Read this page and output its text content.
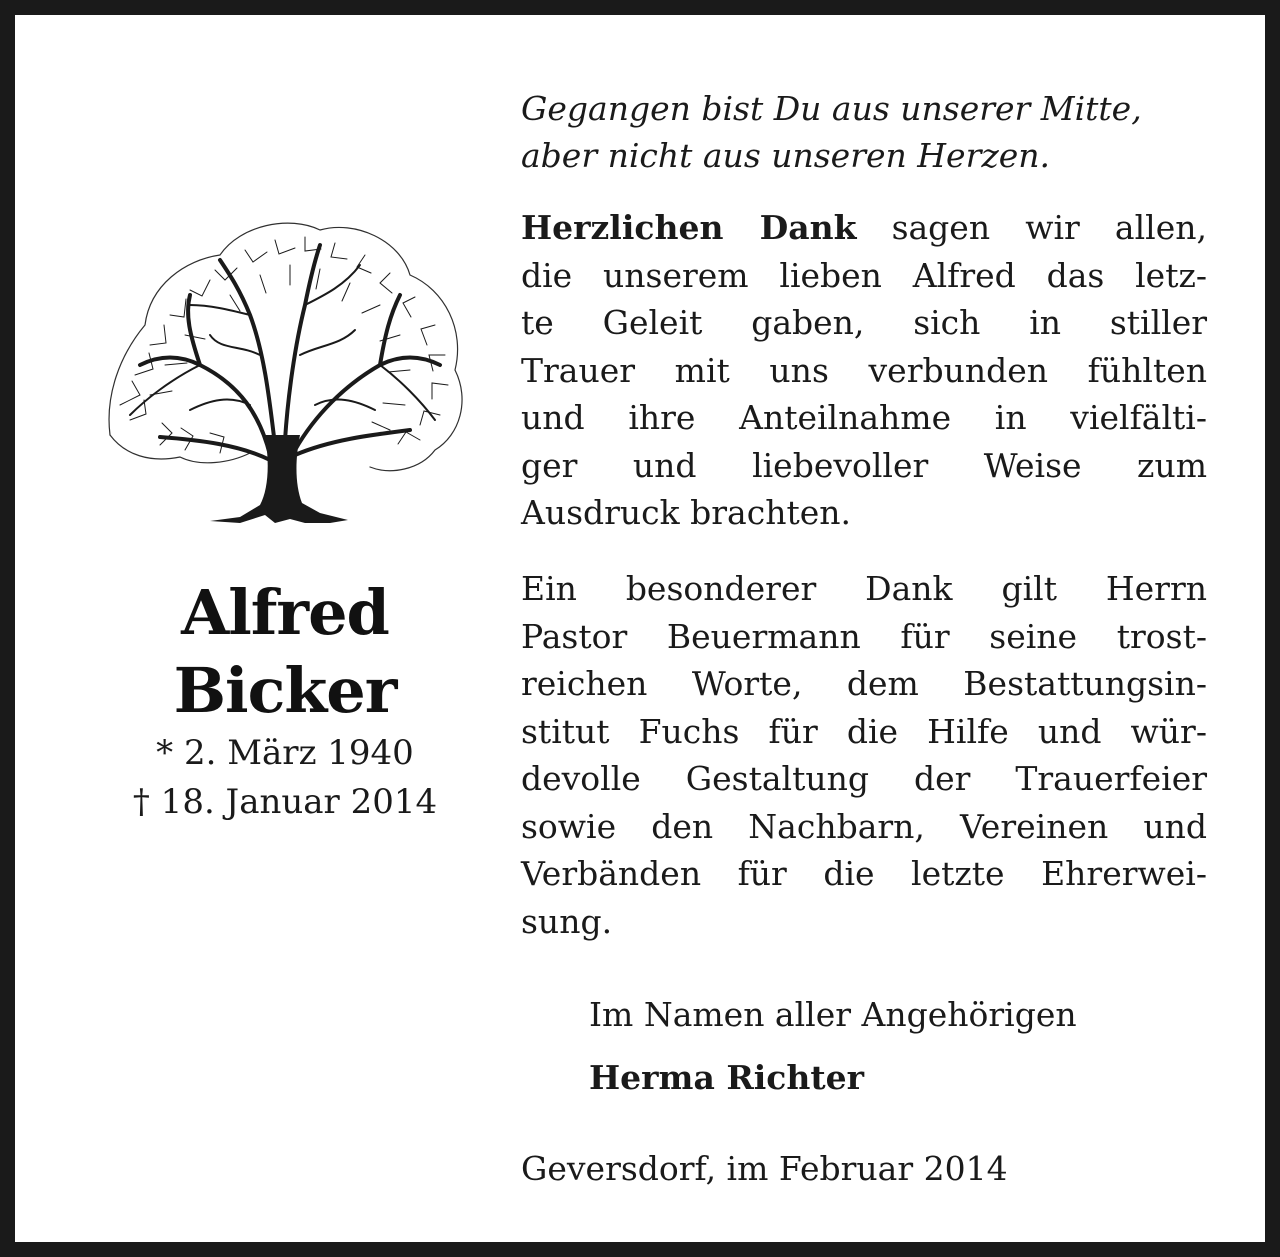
Alfred
Bicker
* 2. März 1940
† 18. Januar 2014
Gegangen bist Du aus unserer Mitte,
aber nicht aus unseren Herzen.
Herzlichen Dank sagen wir allen,
die unserem lieben Alfred das letz-
te Geleit gaben, sich in stiller
Trauer mit uns verbunden fühlten
und ihre Anteilnahme in vielfälti-
ger und liebevoller Weise zum
Ausdruck brachten.
Ein besonderer Dank gilt Herrn
Pastor Beuermann für seine trost-
reichen Worte, dem Bestattungsin-
stitut Fuchs für die Hilfe und wür-
devolle Gestaltung der Trauerfeier
sowie den Nachbarn, Vereinen und
Verbänden für die letzte Ehrerwei-
sung.
Im Namen aller Angehörigen
Herma Richter
Geversdorf, im Februar 2014
